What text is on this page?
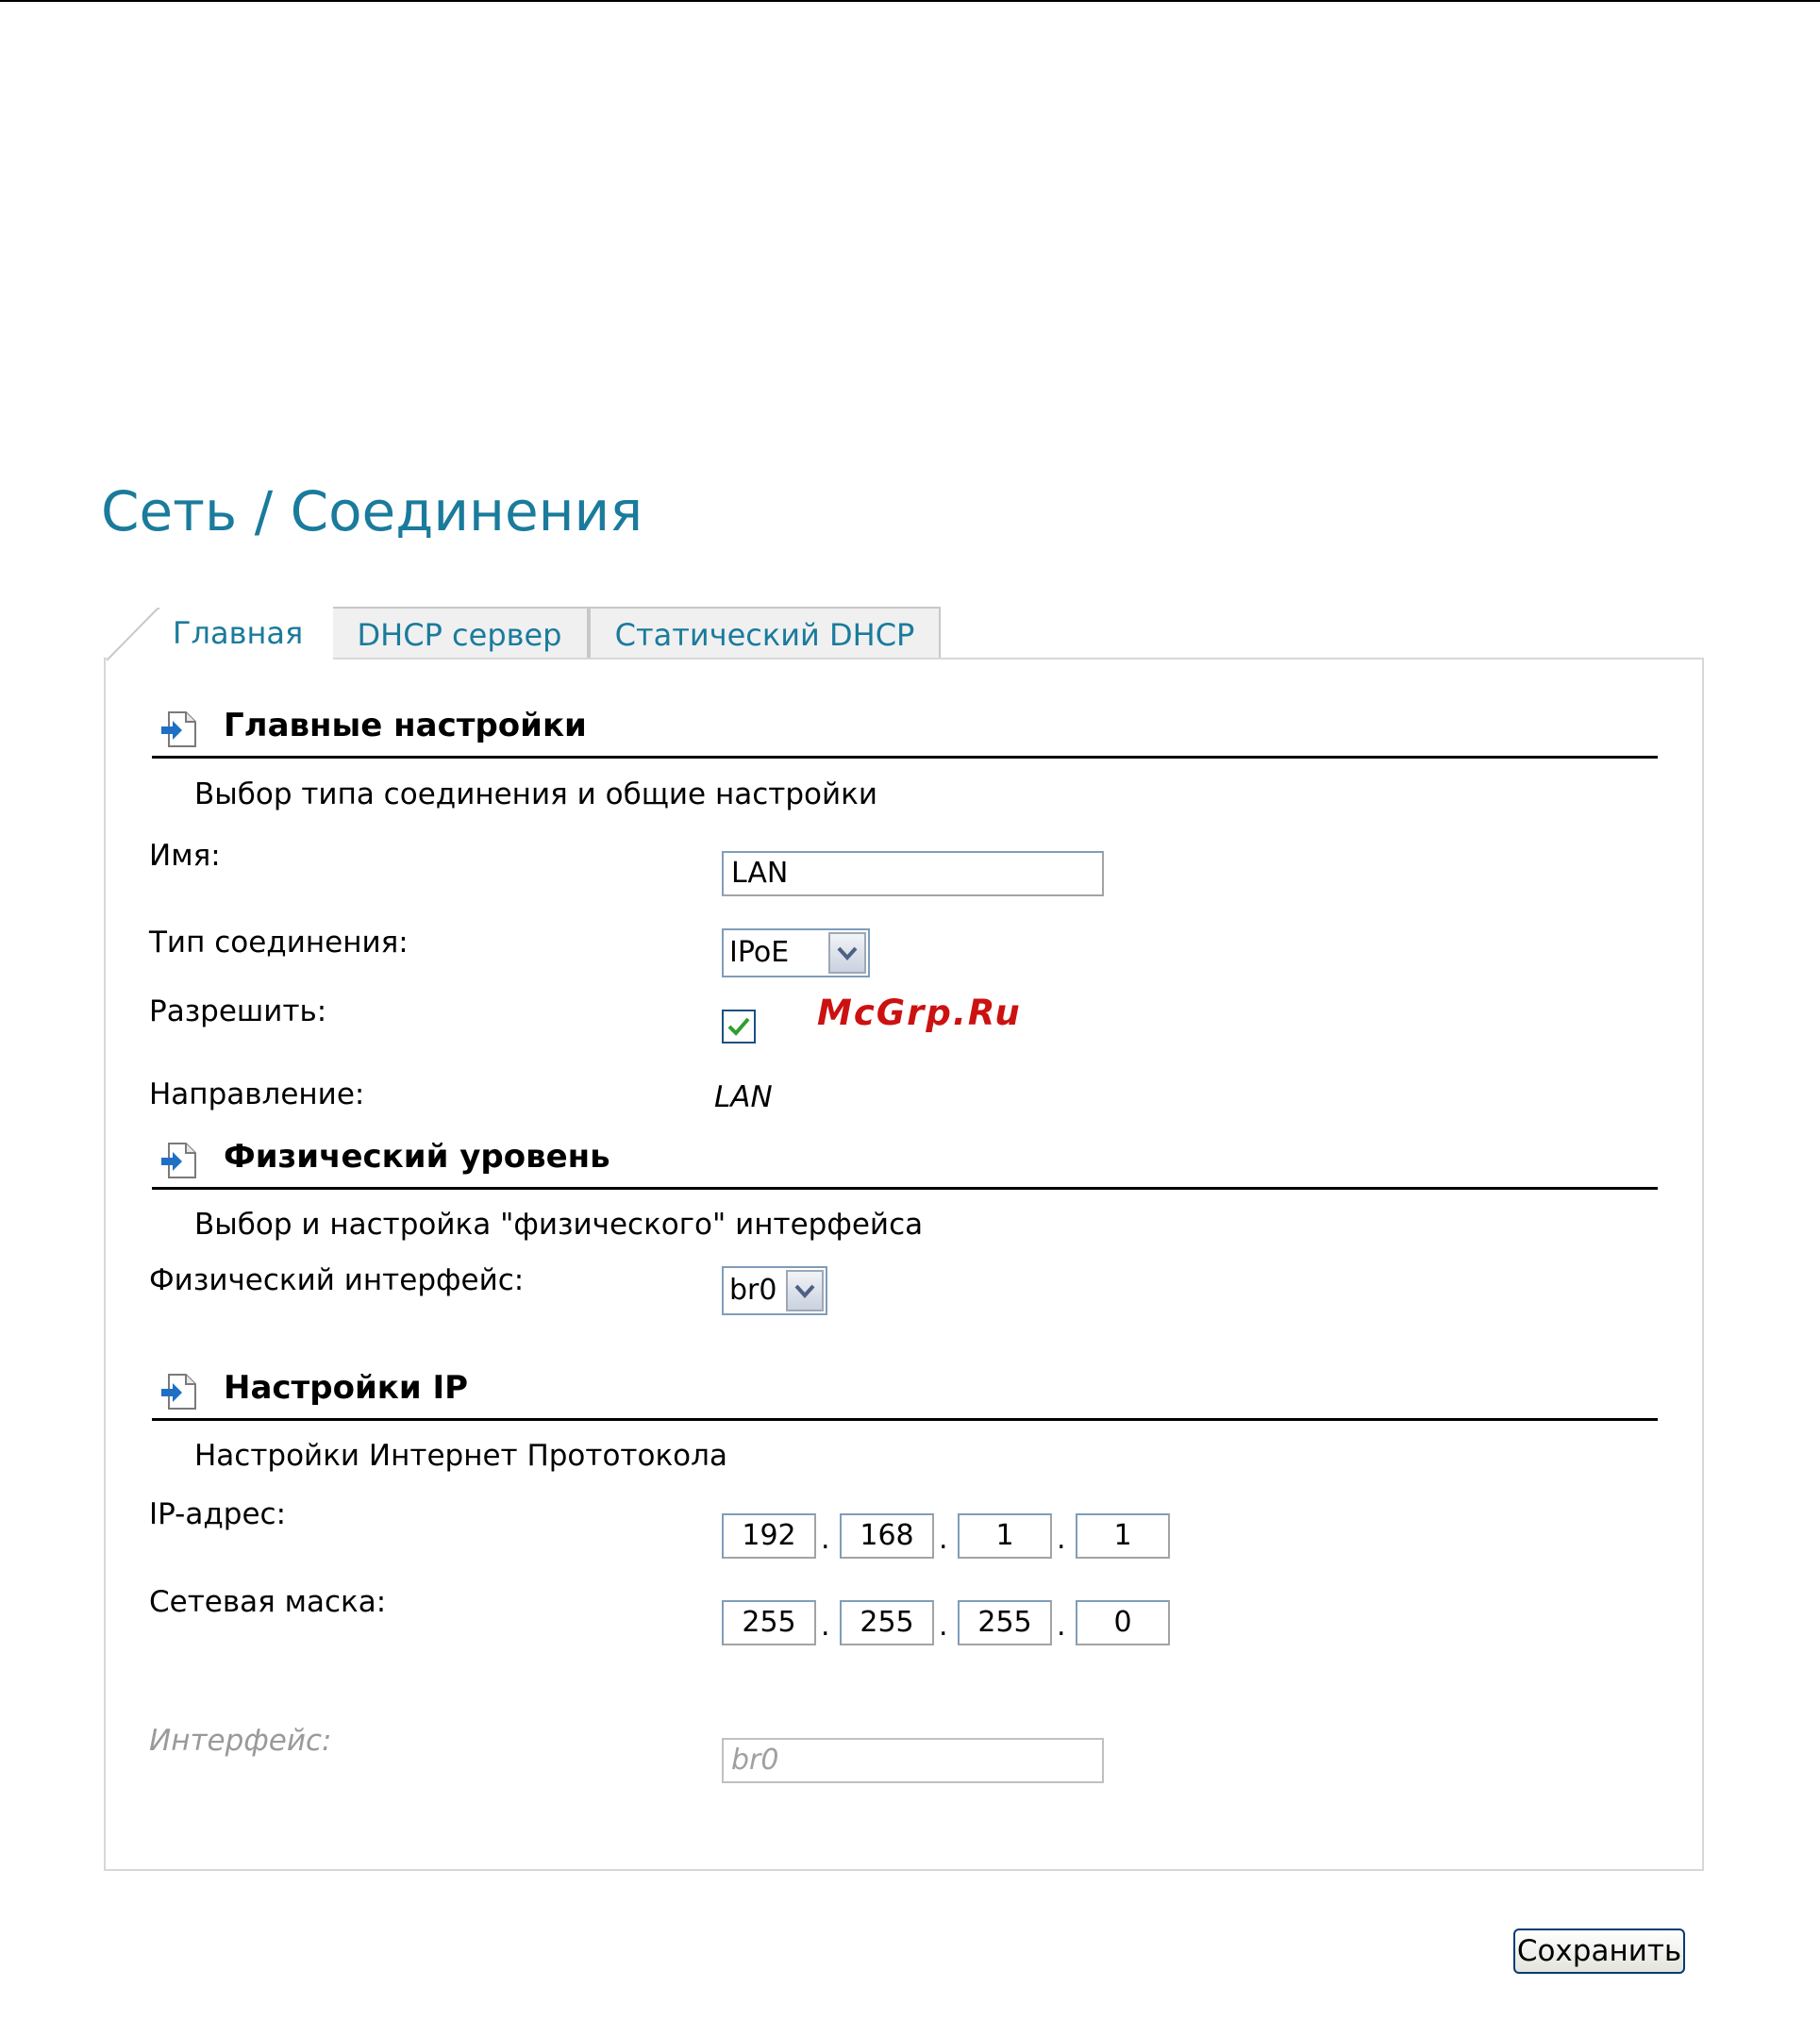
Сеть / Соединения
Главная	DHCP сервер	Статический DHCP
Главные настройки
Выбор типа соединения и общие настройки
Имя:
LAN
Тип соединения:	IPoE
Разрешить:	McGrp.Ru
Направление:	LAN
Физический уровень
Выбор и настройка "физического" интерфейса
Физический интерфейс:	br0
Настройки IP
Настройки Интернет Прототокола
IP-адрес:
192 .	168 .	1	.	1
Сетевая маска:
255 .	255 .	255 .	0
Интерфейс:
br0
Сохранить
